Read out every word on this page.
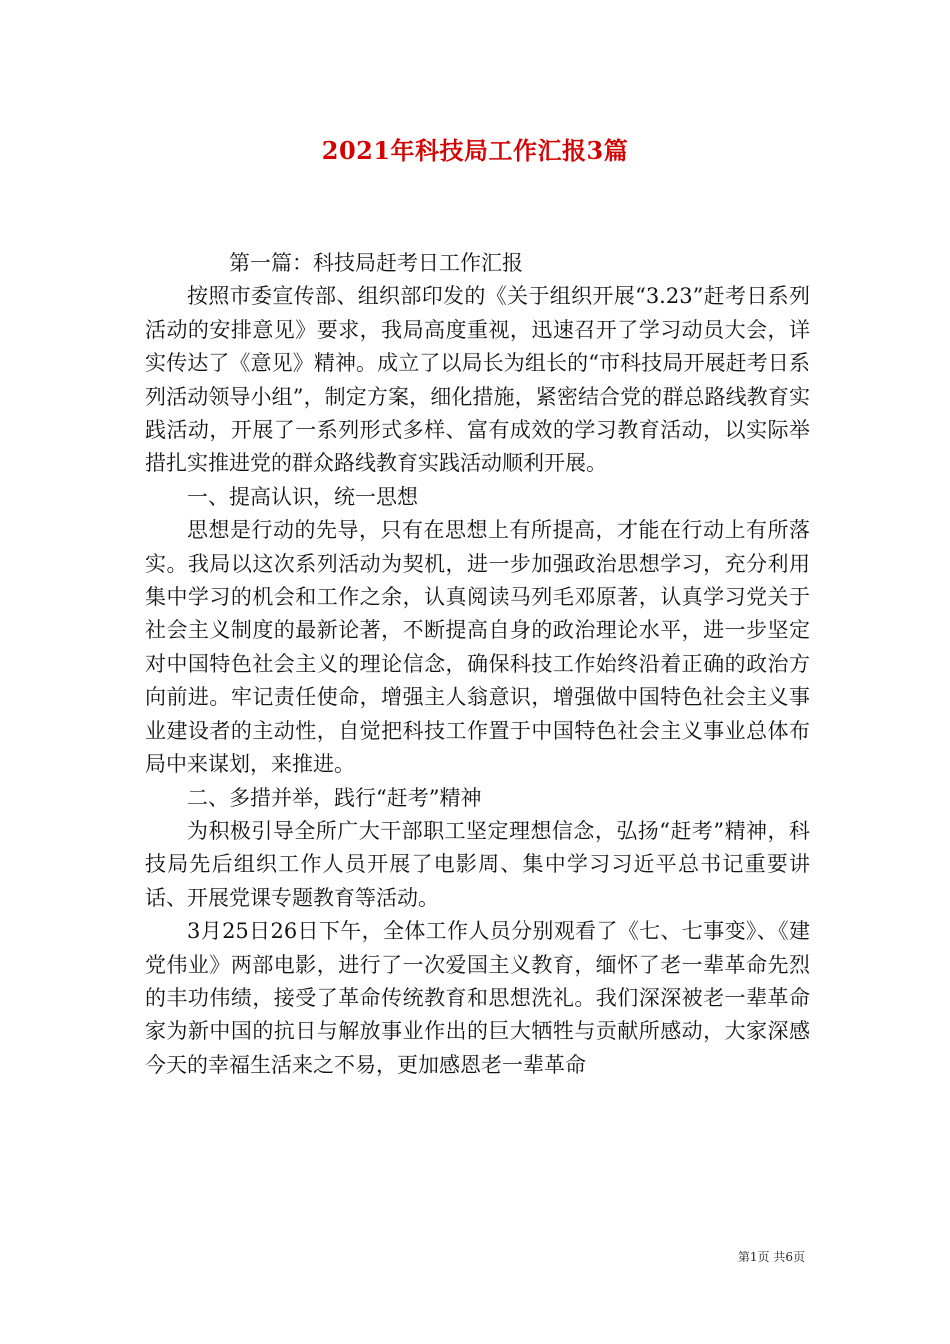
2021年科技局工作汇报3篇

第一篇：科技局赶考日工作汇报

按照市委宣传部、组织部印发的《关于组织开展“3.23”赶考日系列活动的安排意见》要求，我局高度重视，迅速召开了学习动员大会，详实传达了《意见》精神。成立了以局长为组长的“市科技局开展赶考日系列活动领导小组”，制定方案，细化措施，紧密结合党的群总路线教育实践活动，开展了一系列形式多样、富有成效的学习教育活动，以实际举措扎实推进党的群众路线教育实践活动顺利开展。

一、提高认识，统一思想

思想是行动的先导，只有在思想上有所提高，才能在行动上有所落实。我局以这次系列活动为契机，进一步加强政治思想学习，充分利用集中学习的机会和工作之余，认真阅读马列毛邓原著，认真学习党关于社会主义制度的最新论著，不断提高自身的政治理论水平，进一步坚定对中国特色社会主义的理论信念，确保科技工作始终沿着正确的政治方向前进。牢记责任使命，增强主人翁意识，增强做中国特色社会主义事业建设者的主动性，自觉把科技工作置于中国特色社会主义事业总体布局中来谋划，来推进。

二、多措并举，践行“赶考”精神

为积极引导全所广大干部职工坚定理想信念，弘扬“赶考”精神，科技局先后组织工作人员开展了电影周、集中学习习近平总书记重要讲话、开展党课专题教育等活动。

3月25日26日下午，全体工作人员分别观看了《七、七事变》、《建党伟业》两部电影，进行了一次爱国主义教育，缅怀了老一辈革命先烈的丰功伟绩，接受了革命传统教育和思想洗礼。我们深深被老一辈革命家为新中国的抗日与解放事业作出的巨大牺牲与贡献所感动，大家深感今天的幸福生活来之不易，更加感恩老一辈革命

第1页 共6页
